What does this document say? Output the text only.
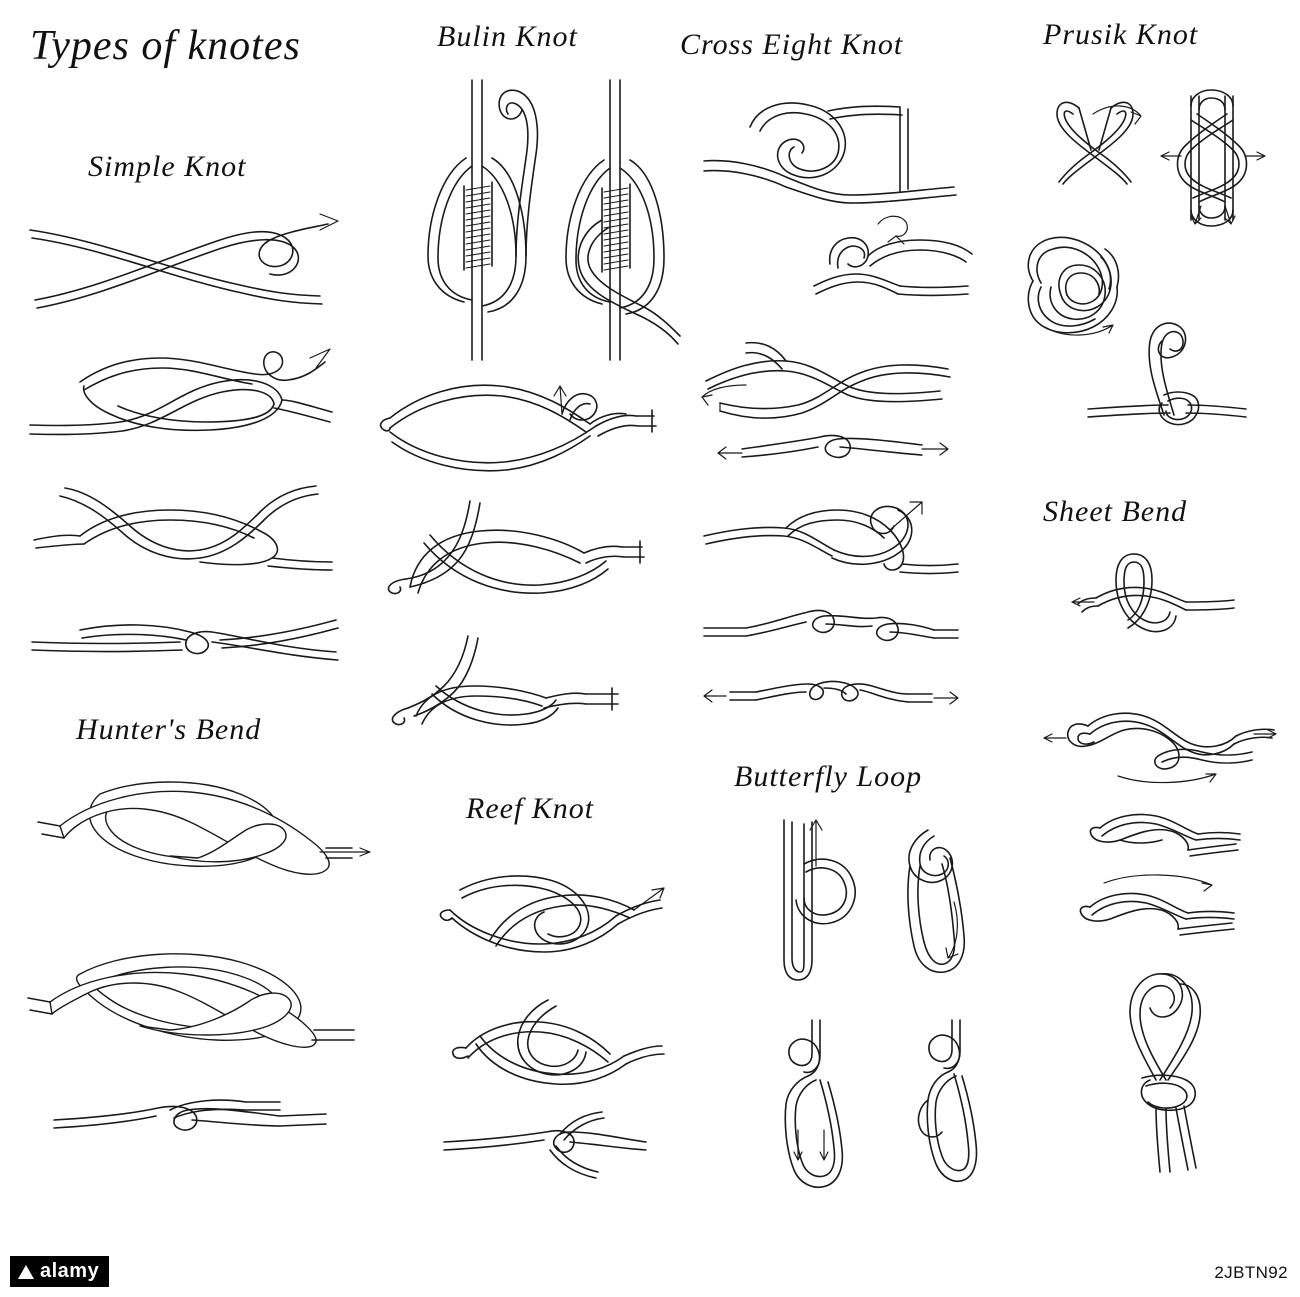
Types of knotes
Simple Knot
Bulin Knot	Cross Eight Knot	Prusik Knot
Sheet Bend
Hunter's Bend
Reef Knot
Butterfly Loop
alamy	2JBTN92
